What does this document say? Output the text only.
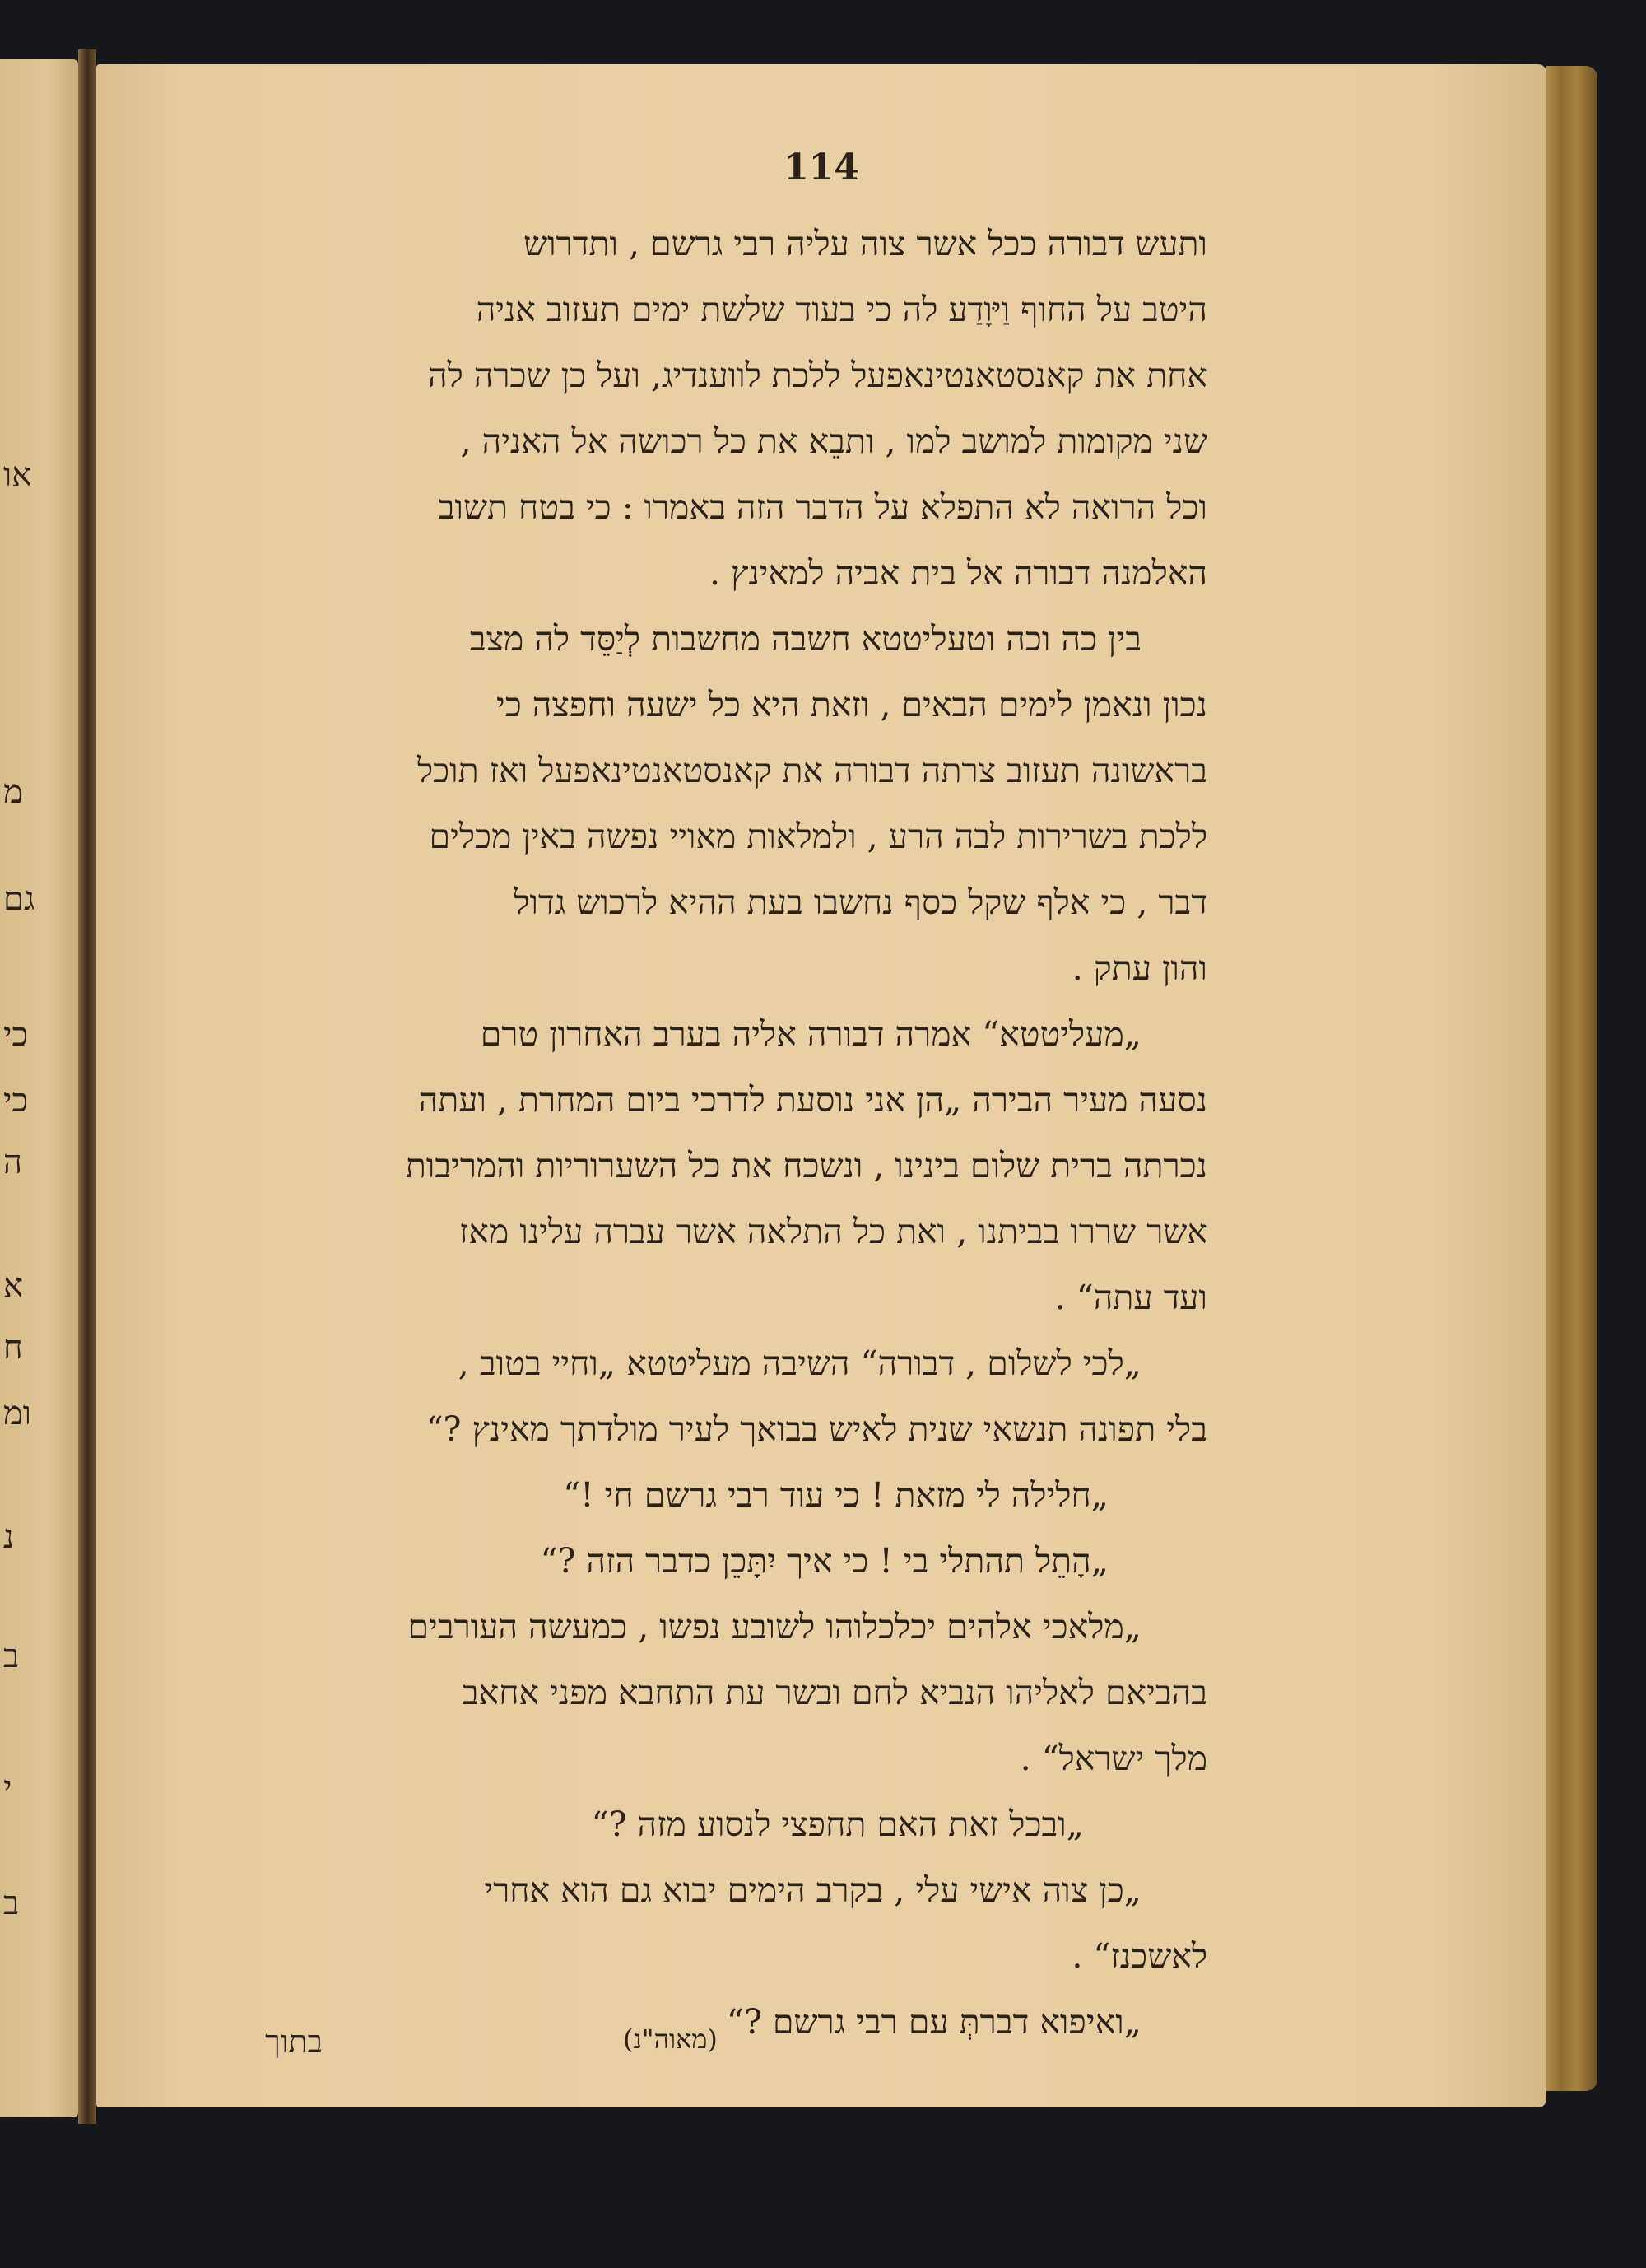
או
מ
גם
כי
כי
ה
א
ח
ומ
נ
ב
י
ב
114
ותעש דבורה ככל אשר צוה עליה רבי גרשם , ותדרוש
היטב על החוף וַיּוָדַע לה כי בעוד שלשת ימים תעזוב אניה
אחת את קאנסטאנטינאפעל ללכת לווענדיג, ועל כן שכרה לה
שני מקומות למושב למו , ותבֵא את כל רכושה אל האניה ,
וכל הרואה לא התפלא על הדבר הזה באמרו : כי בטח תשוב
האלמנה דבורה אל בית אביה למאינץ .
בין כה וכה וטעליטטא חשבה מחשבות לְיַסֵּד לה מצב
נכון ונאמן לימים הבאים , וזאת היא כל ישעה וחפצה כי
בראשונה תעזוב צרתה דבורה את קאנסטאנטינאפעל ואז תוכל
ללכת בשרירות לבה הרע , ולמלאות מאויי נפשה באין מכלים
דבר , כי אלף שקל כסף נחשבו בעת ההיא לרכוש גדול
והון עתק .
„מעליטטא“ אמרה דבורה אליה בערב האחרון טרם
נסעה מעיר הבירה „הן אני נוסעת לדרכי ביום המחרת , ועתה
נכרתה ברית שלום בינינו , ונשכח את כל השערוריות והמריבות
אשר שררו בביתנו , ואת כל התלאה אשר עברה עלינו מאז
ועד עתה“ .
„לכי לשלום , דבורה“ השיבה מעליטטא „וחיי בטוב ,
בלי תפונה תנשאי שנית לאיש בבואך לעיר מולדתך מאינץ ?“
„חלילה לי מזאת ! כי עוד רבי גרשם חי !“
„הָתֵל תהתלי בי ! כי איך יִתָּכֵן כדבר הזה ?“
„מלאכי אלהים יכלכלוהו לשובע נפשו , כמעשה העורבים
בהביאם לאליהו הנביא לחם ובשר עת התחבא מפני אחאב
מלך ישראל“ .
„ובכל זאת האם תחפצי לנסוע מזה ?“
„כן צוה אישי עלי , בקרב הימים יבוא גם הוא אחרי
לאשכנז“ .
„ואיפוא דברתְּ עם רבי גרשם ?“
(מאוה"נ)
בתוך
